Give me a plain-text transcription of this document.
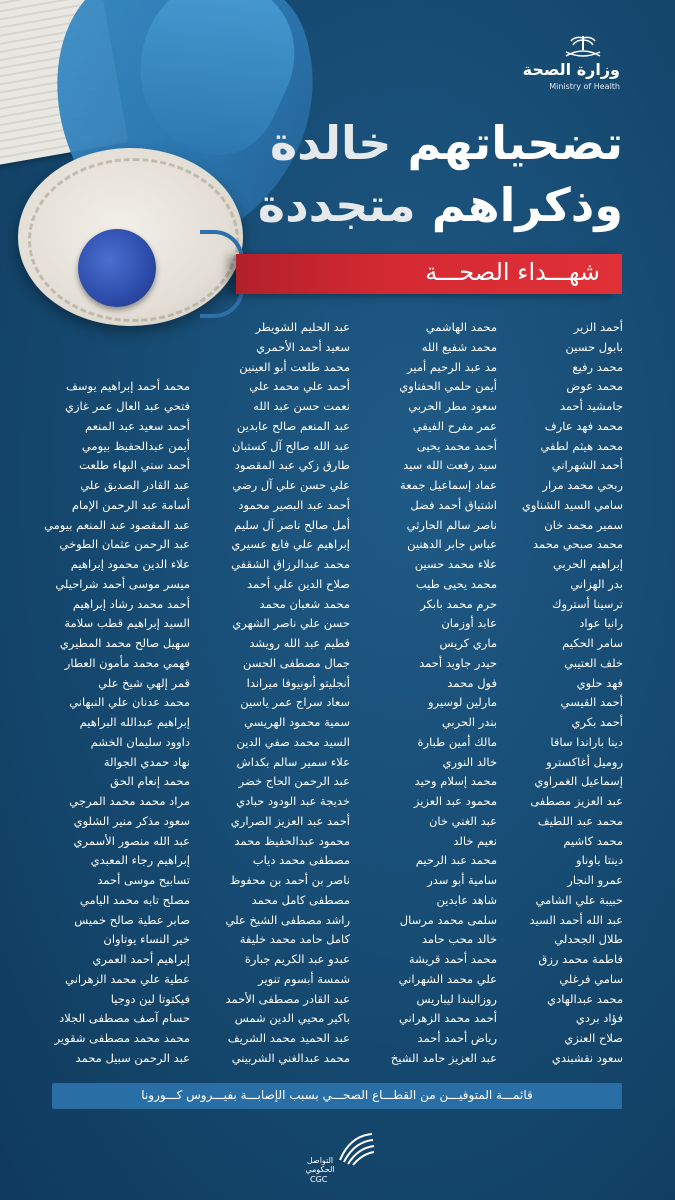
وزارة الصحة
Ministry of Health
تضحياتهم خالدة
وذكراهم متجددة
شهـــداء الصحـــة
أحمد الزير
بابول حسين
محمد رفيع
محمد عوض
جامشيد أحمد
محمد فهد عارف
محمد هيثم لطفي
أحمد الشهراني
ربحي محمد مرار
سامي السيد الشناوي
سمير محمد خان
محمد صبحي محمد
إبراهيم الحربي
بدر الهزاني
ترسينا أستروك
رانيا عواد
سامر الحكيم
خلف العتيبي
فهد حلوي
أحمد القيسي
أحمد بكري
دينا باراندا ساقا
روميل أغاكسترو
إسماعيل الغمراوي
عبد العزيز مصطفى
محمد عبد اللطيف
محمد كاشيم
دينتا باوناو
عمرو النجار
حبيبة علي الشامي
عبد الله أحمد السيد
طلال الجحدلي
فاطمة محمد رزق
سامي فرغلي
محمد عبدالهادي
فؤاد بردي
صلاح العنزي
سعود نقشبندي
محمد الهاشمي
محمد شفيع الله
مد عبد الرحيم أمير
أيمن حلمي الحفناوي
سعود مطر الحربي
عمر مفرح الفيفي
أحمد محمد يحيى
سيد رفعت الله سيد
عماد إسماعيل جمعة
اشتياق أحمد فضل
ناصر سالم الحارثي
عباس جابر الدهنين
علاء محمد حسين
محمد يحيى طيب
حرم محمد بابكر
عابد أوزمان
ماري كريس
حيدر جاويد أحمد
فول محمد
مارلين لوسيرو
بندر الحربي
مالك أمين طبارة
خالد النوري
محمد إسلام وحيد
محمود عبد العزيز
عبد الغني خان
نعيم خالد
محمد عبد الرحيم
سامية أبو سدر
شاهد عابدين
سلمى محمد مرسال
خالد محب حامد
محمد أحمد قريشة
علي محمد الشهراني
روزاليندا ليباريس
أحمد محمد الزهراني
رياض أحمد أحمد
عبد العزيز حامد الشيخ
عبد الحليم الشويطر
سعيد أحمد الأحمري
محمد طلعت أبو العينين
أحمد علي محمد علي
نعمت حسن عبد الله
عبد المنعم صالح عابدين
عبد الله صالح آل كستبان
طارق زكي عبد المقصود
علي حسن علي آل رضي
أحمد عبد البصير محمود
أمل صالح ناصر آل سليم
إبراهيم علي فايع عسيري
محمد عبدالرزاق الشقفي
صلاح الدين علي أحمد
محمد شعبان محمد
حسن علي ناصر الشهري
فطيم عبد الله رويشد
جمال مصطفى الحسن
أنجليتو أنونيوفا ميراندا
سعاد سراج عمر ياسين
سمية محمود الهريسي
السيد محمد صفي الدين
علاء سمير سالم بكداش
عبد الرحمن الحاج خضر
خديجة عبد الودود حبادي
أحمد عبد العزيز الصراري
محمود عبدالحفيظ محمد
مصطفى محمد دياب
ناصر بن أحمد بن محفوظ
مصطفى كامل محمد
راشد مصطفى الشيخ علي
كامل حامد محمد خليفة
عبدو عبد الكريم جبارة
شمسة أبسوم تنوير
عبد القادر مصطفى الأحمد
باكير محيي الدين شمس
عبد الحميد محمد الشريف
محمد عبدالغني الشربيني
محمد أحمد إبراهيم يوسف
فتحي عبد العال عمر غازي
أحمد سعيد عبد المنعم
أيمن عبدالحفيظ بيومي
أحمد سني البهاء طلعت
عبد القادر الصديق علي
أسامة عبد الرحمن الإمام
عبد المقصود عبد المنعم بيومي
عبد الرحمن عثمان الطوخي
علاء الدين محمود إبراهيم
ميسر موسى أحمد شراحيلي
أحمد محمد رشاد إبراهيم
السيد إبراهيم قطب سلامة
سهيل صالح محمد المطيري
فهمي محمد مأمون العطار
قمر إلهي شيخ علي
محمد عدنان علي النبهاني
إبراهيم عبدالله البراهيم
داوود سليمان الخشم
نهاد حمدي الجوالة
محمد إنعام الحق
مراد محمد محمد المرجي
سعود مذكر منير الشلوي
عبد الله منصور الأسمري
إبراهيم رجاء المعبدي
تسابيح موسى أحمد
مصلح تابه محمد اليامي
صابر عطية صالح خميس
خير النساء يوتاوان
إبراهيم أحمد العمري
عطية علي محمد الزهراني
فيكتوتا لين دوجيا
حسام آصف مصطفى الجلاد
محمد محمد مصطفى شقوير
عبد الرحمن سبيل محمد
قائمـــة المتوفيـــن من القطـــاع الصحـــي بسبب الإصابـــة بفيـــروس كـــورونا
التواصل الحكومي
CGC
